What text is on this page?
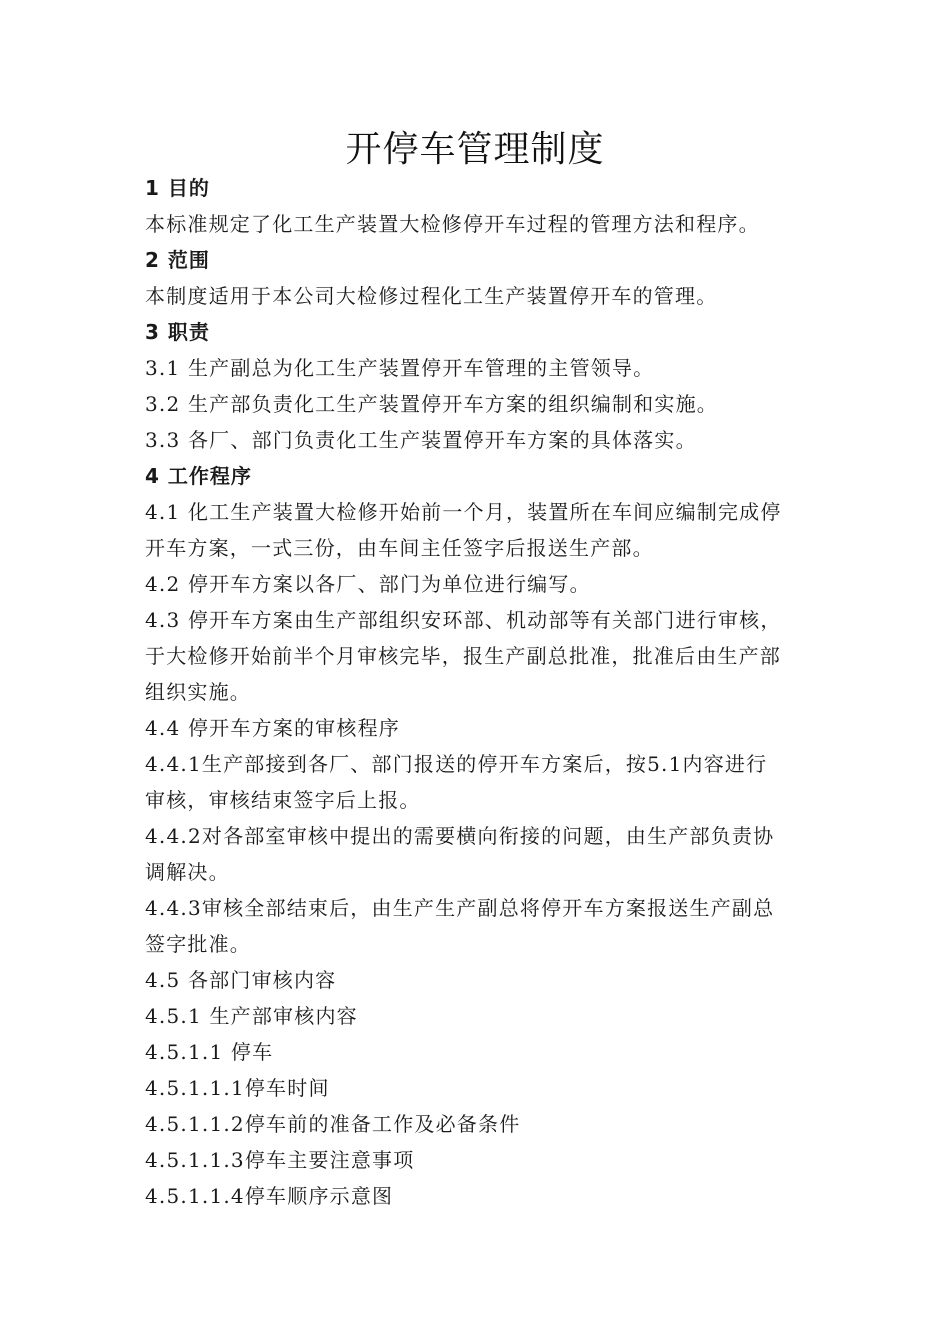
开停车管理制度
1 目的
本标准规定了化工生产装置大检修停开车过程的管理方法和程序。
2 范围
本制度适用于本公司大检修过程化工生产装置停开车的管理。
3 职责
3.1 生产副总为化工生产装置停开车管理的主管领导。
3.2 生产部负责化工生产装置停开车方案的组织编制和实施。
3.3 各厂、部门负责化工生产装置停开车方案的具体落实。
4 工作程序
4.1 化工生产装置大检修开始前一个月，装置所在车间应编制完成停
开车方案，一式三份，由车间主任签字后报送生产部。
4.2 停开车方案以各厂、部门为单位进行编写。
4.3 停开车方案由生产部组织安环部、机动部等有关部门进行审核，
于大检修开始前半个月审核完毕，报生产副总批准，批准后由生产部
组织实施。
4.4 停开车方案的审核程序
4.4.1生产部接到各厂、部门报送的停开车方案后，按5.1内容进行
审核，审核结束签字后上报。
4.4.2对各部室审核中提出的需要横向衔接的问题，由生产部负责协
调解决。
4.4.3审核全部结束后，由生产生产副总将停开车方案报送生产副总
签字批准。
4.5 各部门审核内容
4.5.1 生产部审核内容
4.5.1.1 停车
4.5.1.1.1停车时间
4.5.1.1.2停车前的准备工作及必备条件
4.5.1.1.3停车主要注意事项
4.5.1.1.4停车顺序示意图
